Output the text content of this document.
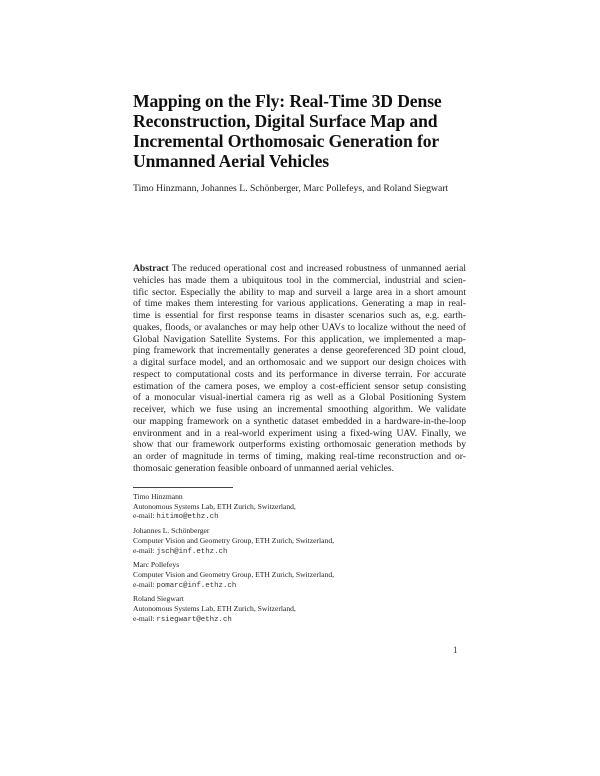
Mapping on the Fly: Real-Time 3D Dense
Reconstruction, Digital Surface Map and
Incremental Orthomosaic Generation for
Unmanned Aerial Vehicles
Timo Hinzmann, Johannes L. Schönberger, Marc Pollefeys, and Roland Siegwart
Abstract The reduced operational cost and increased robustness of unmanned aerial
vehicles has made them a ubiquitous tool in the commercial, industrial and scien-
tific sector. Especially the ability to map and surveil a large area in a short amount
of time makes them interesting for various applications. Generating a map in real-
time is essential for first response teams in disaster scenarios such as, e.g. earth-
quakes, floods, or avalanches or may help other UAVs to localize without the need of
Global Navigation Satellite Systems. For this application, we implemented a map-
ping framework that incrementally generates a dense georeferenced 3D point cloud,
a digital surface model, and an orthomosaic and we support our design choices with
respect to computational costs and its performance in diverse terrain. For accurate
estimation of the camera poses, we employ a cost-efficient sensor setup consisting
of a monocular visual-inertial camera rig as well as a Global Positioning System
receiver, which we fuse using an incremental smoothing algorithm. We validate
our mapping framework on a synthetic dataset embedded in a hardware-in-the-loop
environment and in a real-world experiment using a fixed-wing UAV. Finally, we
show that our framework outperforms existing orthomosaic generation methods by
an order of magnitude in terms of timing, making real-time reconstruction and or-
thomosaic generation feasible onboard of unmanned aerial vehicles.
Timo Hinzmann
Autonomous Systems Lab, ETH Zurich, Switzerland,
e-mail: hitimo@ethz.ch
Johannes L. Schönberger
Computer Vision and Geometry Group, ETH Zurich, Switzerland,
e-mail: jsch@inf.ethz.ch
Marc Pollefeys
Computer Vision and Geometry Group, ETH Zurich, Switzerland,
e-mail: pomarc@inf.ethz.ch
Roland Siegwart
Autonomous Systems Lab, ETH Zurich, Switzerland,
e-mail: rsiegwart@ethz.ch
1
